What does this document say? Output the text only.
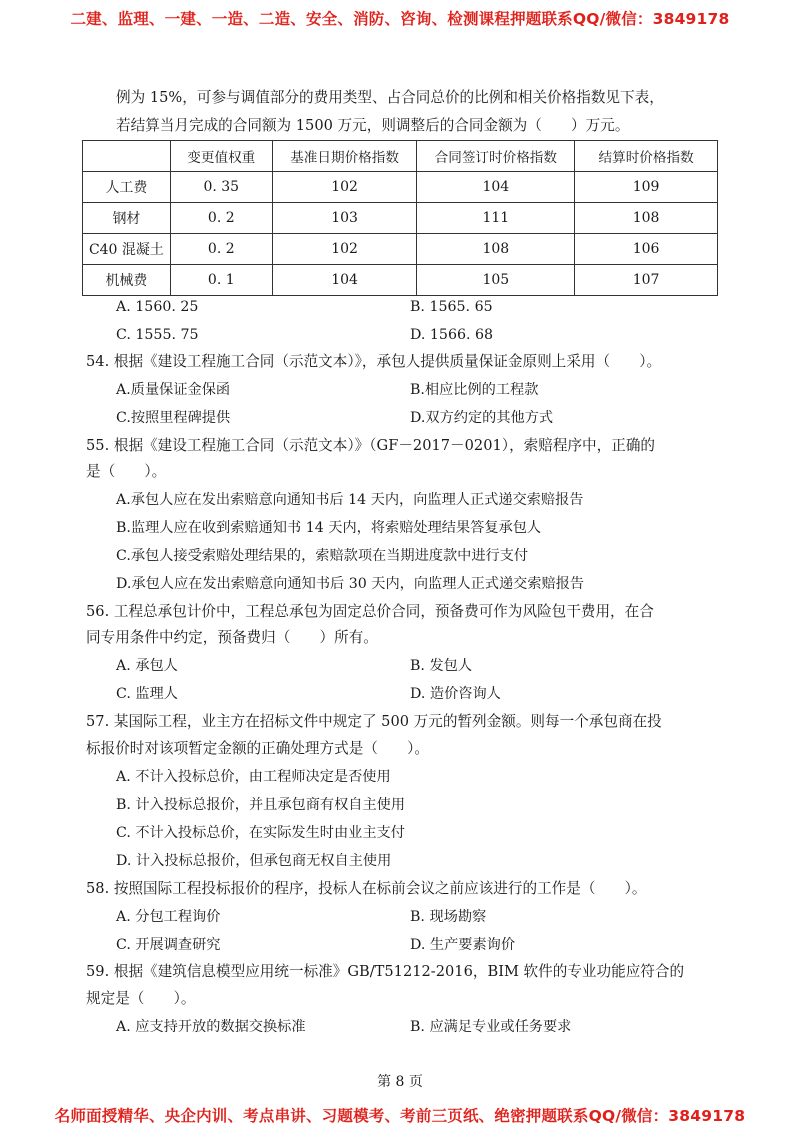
二建、监理、一建、一造、二造、安全、消防、咨询、检测课程押题联系QQ/微信：3849178
例为 15%，可参与调值部分的费用类型、占合同总价的比例和相关价格指数见下表，
若结算当月完成的合同额为 1500 万元，则调整后的合同金额为（　　）万元。
	变更值权重	基准日期价格指数	合同签订时价格指数	结算时价格指数
人工费	0. 35	102	104	109
钢材	0. 2	103	111	108
C40 混凝土	0. 2	102	108	106
机械费	0. 1	104	105	107
​
​
A. 1560. 25	B. 1565. 65
C. 1555. 75	D. 1566. 68
54. 根据《建设工程施工合同（示范文本）》，承包人提供质量保证金原则上采用（　　）。
A.质量保证金保函	B.相应比例的工程款
C.按照里程碑提供	D.双方约定的其他方式
55. 根据《建设工程施工合同（示范文本）》（GF－2017－0201），索赔程序中，正确的
是（　　）。
A.承包人应在发出索赔意向通知书后 14 天内，向监理人正式递交索赔报告
B.监理人应在收到索赔通知书 14 天内，将索赔处理结果答复承包人
C.承包人接受索赔处理结果的，索赔款项在当期进度款中进行支付
D.承包人应在发出索赔意向通知书后 30 天内，向监理人正式递交索赔报告
56. 工程总承包计价中，工程总承包为固定总价合同，预备费可作为风险包干费用，在合
同专用条件中约定，预备费归（　　）所有。
A. 承包人	B. 发包人
C. 监理人	D. 造价咨询人
57. 某国际工程，业主方在招标文件中规定了 500 万元的暂列金额。则每一个承包商在投
标报价时对该项暂定金额的正确处理方式是（　　）。
A. 不计入投标总价，由工程师决定是否使用
B. 计入投标总报价，并且承包商有权自主使用
C. 不计入投标总价，在实际发生时由业主支付
D. 计入投标总报价，但承包商无权自主使用
58. 按照国际工程投标报价的程序，投标人在标前会议之前应该进行的工作是（　　）。
A. 分包工程询价	B. 现场勘察
C. 开展调查研究	D. 生产要素询价
59. 根据《建筑信息模型应用统一标准》GB/T51212-2016，BIM 软件的专业功能应符合的
规定是（　　）。
A. 应支持开放的数据交换标准	B. 应满足专业或任务要求
第 8 页
名师面授精华、央企内训、考点串讲、习题模考、考前三页纸、绝密押题联系QQ/微信：3849178
